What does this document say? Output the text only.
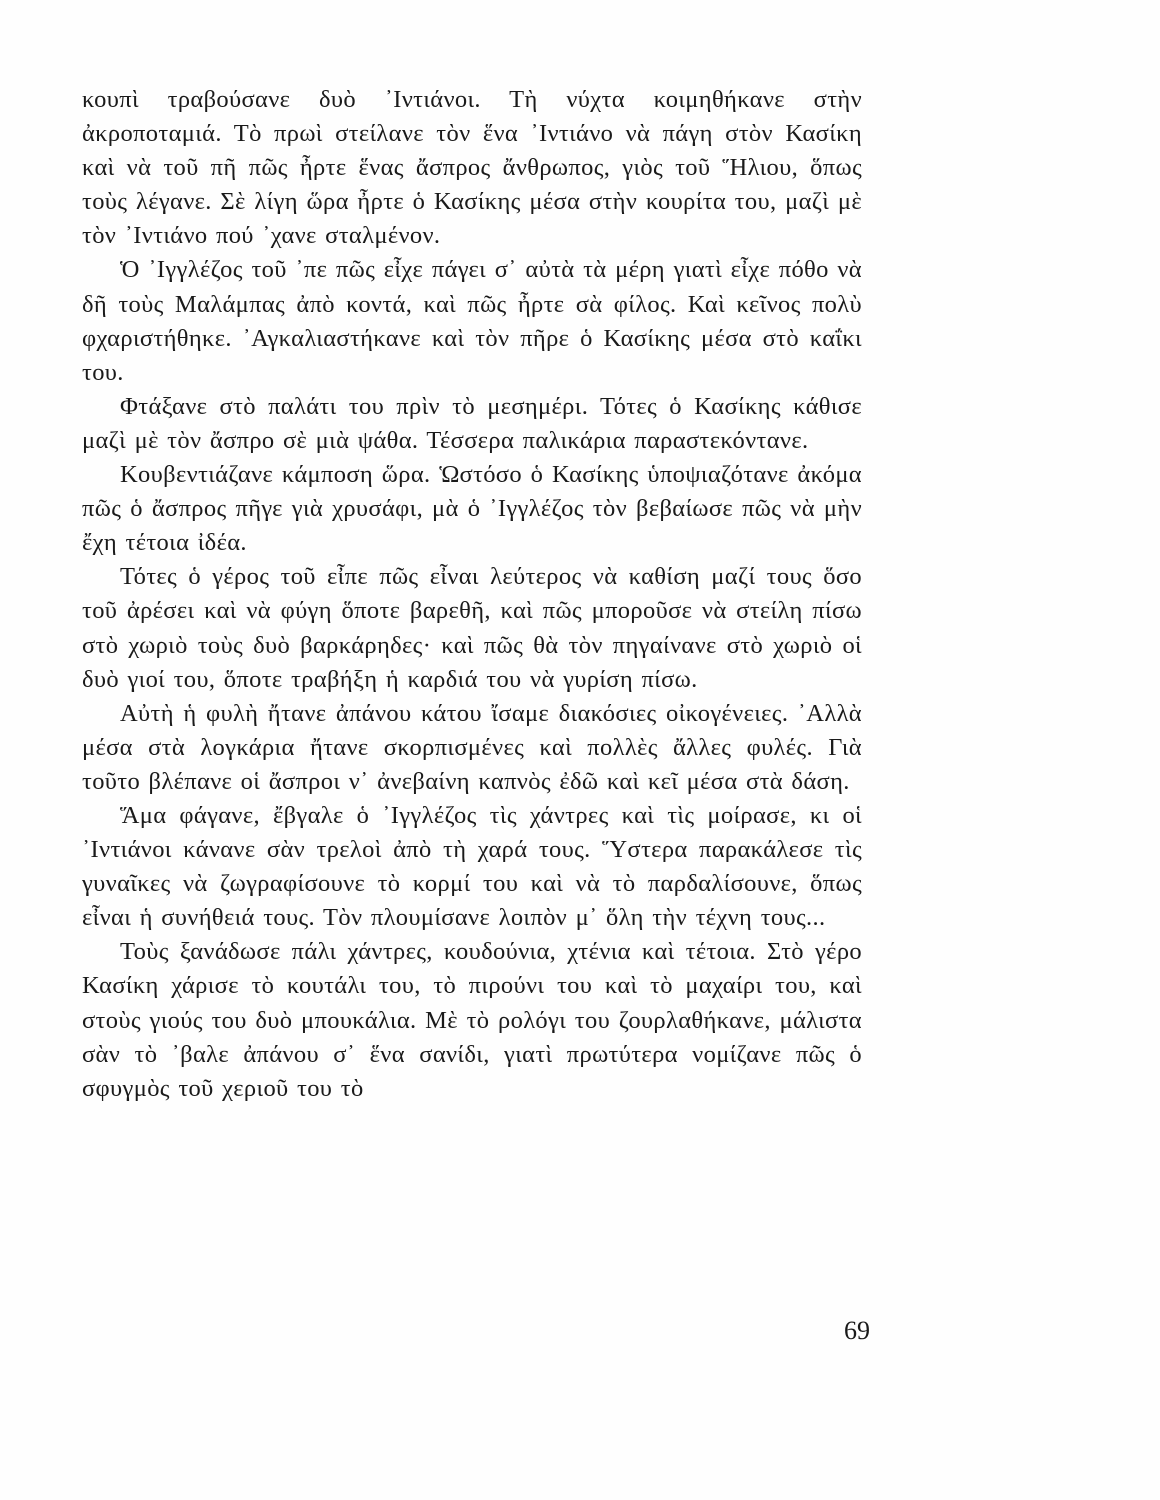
κουπὶ τραβούσανε δυὸ ᾿Ιντιάνοι. Τὴ νύχτα κοιμηθήκανε στὴν ἀκροποταμιά. Τὸ πρωὶ στείλανε τὸν ἕνα ᾿Ιντιάνο νὰ πάγη στὸν Κασίκη καὶ νὰ τοῦ πῆ πῶς ἦρτε ἕνας ἄσπρος ἄνθρωπος, γιὸς τοῦ Ἥλιου, ὅπως τοὺς λέγανε. Σὲ λίγη ὥρα ἦρτε ὁ Κασίκης μέσα στὴν κουρίτα του, μαζὶ μὲ τὸν ᾿Ιντιάνο πού ᾿χανε σταλμένον.

Ὁ ᾿Ιγγλέζος τοῦ ᾿πε πῶς εἶχε πάγει σ᾿ αὐτὰ τὰ μέρη γιατὶ εἶχε πόθο νὰ δῆ τοὺς Μαλάμπας ἀπὸ κοντά, καὶ πῶς ἦρτε σὰ φίλος. Καὶ κεῖνος πολὺ φχαριστήθηκε. ᾿Αγκαλιαστήκανε καὶ τὸν πῆρε ὁ Κασίκης μέσα στὸ καΐκι του.

Φτάξανε στὸ παλάτι του πρὶν τὸ μεσημέρι. Τότες ὁ Κασίκης κάθισε μαζὶ μὲ τὸν ἄσπρο σὲ μιὰ ψάθα. Τέσσερα παλικάρια παραστεκόντανε.

Κουβεντιάζανε κάμποση ὥρα. Ὡστόσο ὁ Κασίκης ὑποψιαζότανε ἀκόμα πῶς ὁ ἄσπρος πῆγε γιὰ χρυσάφι, μὰ ὁ ᾿Ιγγλέζος τὸν βεβαίωσε πῶς νὰ μὴν ἔχη τέτοια ἰδέα.

Τότες ὁ γέρος τοῦ εἶπε πῶς εἶναι λεύτερος νὰ καθίση μαζί τους ὅσο τοῦ ἀρέσει καὶ νὰ φύγη ὅποτε βαρεθῆ, καὶ πῶς μποροῦσε νὰ στείλη πίσω στὸ χωριὸ τοὺς δυὸ βαρκάρηδες· καὶ πῶς θὰ τὸν πηγαίνανε στὸ χωριὸ οἱ δυὸ γιοί του, ὅποτε τραβήξη ἡ καρδιά του νὰ γυρίση πίσω.

Αὐτὴ ἡ φυλὴ ἤτανε ἀπάνου κάτου ἴσαμε διακόσιες οἰκογένειες. ᾿Αλλὰ μέσα στὰ λογκάρια ἤτανε σκορπισμένες καὶ πολλὲς ἄλλες φυλές. Γιὰ τοῦτο βλέπανε οἱ ἄσπροι ν᾿ ἀνεβαίνη καπνὸς ἐδῶ καὶ κεῖ μέσα στὰ δάση.

Ἅμα φάγανε, ἔβγαλε ὁ ᾿Ιγγλέζος τὶς χάντρες καὶ τὶς μοίρασε, κι οἱ ᾿Ιντιάνοι κάνανε σὰν τρελοὶ ἀπὸ τὴ χαρά τους. Ὕστερα παρακάλεσε τὶς γυναῖκες νὰ ζωγραφίσουνε τὸ κορμί του καὶ νὰ τὸ παρδαλίσουνε, ὅπως εἶναι ἡ συνήθειά τους. Τὸν πλουμίσανε λοιπὸν μ᾿ ὅλη τὴν τέχνη τους...

Τοὺς ξανάδωσε πάλι χάντρες, κουδούνια, χτένια καὶ τέτοια. Στὸ γέρο Κασίκη χάρισε τὸ κουτάλι του, τὸ πιρούνι του καὶ τὸ μαχαίρι του, καὶ στοὺς γιούς του δυὸ μπουκάλια. Μὲ τὸ ρολόγι του ζουρλαθήκανε, μάλιστα σὰν τὸ ᾿βαλε ἀπάνου σ᾿ ἕνα σανίδι, γιατὶ πρωτύτερα νομίζανε πῶς ὁ σφυγμὸς τοῦ χεριοῦ του τὸ

69
